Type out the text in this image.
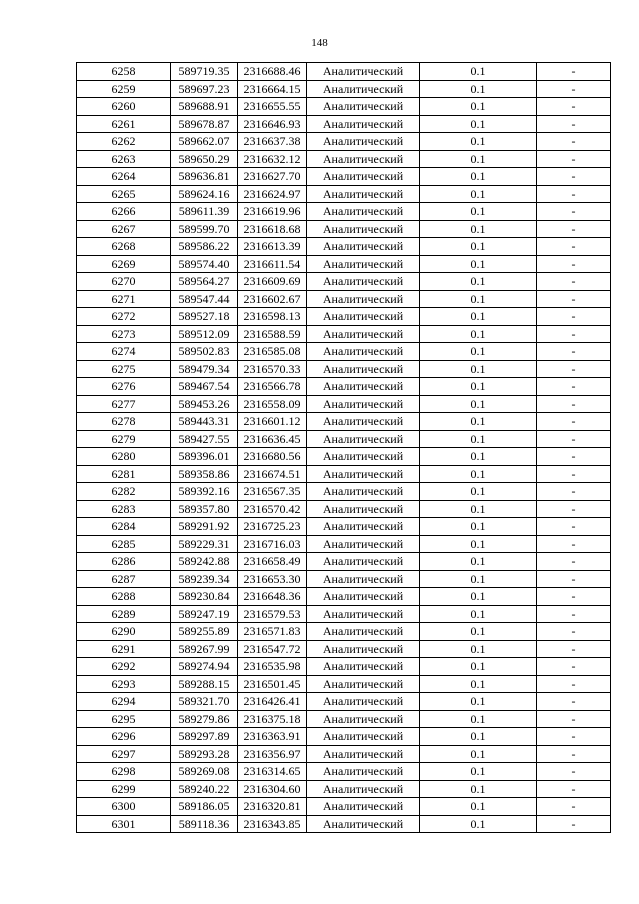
148
6258	589719.35	2316688.46	Аналитический	0.1	-
6259	589697.23	2316664.15	Аналитический	0.1	-
6260	589688.91	2316655.55	Аналитический	0.1	-
6261	589678.87	2316646.93	Аналитический	0.1	-
6262	589662.07	2316637.38	Аналитический	0.1	-
6263	589650.29	2316632.12	Аналитический	0.1	-
6264	589636.81	2316627.70	Аналитический	0.1	-
6265	589624.16	2316624.97	Аналитический	0.1	-
6266	589611.39	2316619.96	Аналитический	0.1	-
6267	589599.70	2316618.68	Аналитический	0.1	-
6268	589586.22	2316613.39	Аналитический	0.1	-
6269	589574.40	2316611.54	Аналитический	0.1	-
6270	589564.27	2316609.69	Аналитический	0.1	-
6271	589547.44	2316602.67	Аналитический	0.1	-
6272	589527.18	2316598.13	Аналитический	0.1	-
6273	589512.09	2316588.59	Аналитический	0.1	-
6274	589502.83	2316585.08	Аналитический	0.1	-
6275	589479.34	2316570.33	Аналитический	0.1	-
6276	589467.54	2316566.78	Аналитический	0.1	-
6277	589453.26	2316558.09	Аналитический	0.1	-
6278	589443.31	2316601.12	Аналитический	0.1	-
6279	589427.55	2316636.45	Аналитический	0.1	-
6280	589396.01	2316680.56	Аналитический	0.1	-
6281	589358.86	2316674.51	Аналитический	0.1	-
6282	589392.16	2316567.35	Аналитический	0.1	-
6283	589357.80	2316570.42	Аналитический	0.1	-
6284	589291.92	2316725.23	Аналитический	0.1	-
6285	589229.31	2316716.03	Аналитический	0.1	-
6286	589242.88	2316658.49	Аналитический	0.1	-
6287	589239.34	2316653.30	Аналитический	0.1	-
6288	589230.84	2316648.36	Аналитический	0.1	-
6289	589247.19	2316579.53	Аналитический	0.1	-
6290	589255.89	2316571.83	Аналитический	0.1	-
6291	589267.99	2316547.72	Аналитический	0.1	-
6292	589274.94	2316535.98	Аналитический	0.1	-
6293	589288.15	2316501.45	Аналитический	0.1	-
6294	589321.70	2316426.41	Аналитический	0.1	-
6295	589279.86	2316375.18	Аналитический	0.1	-
6296	589297.89	2316363.91	Аналитический	0.1	-
6297	589293.28	2316356.97	Аналитический	0.1	-
6298	589269.08	2316314.65	Аналитический	0.1	-
6299	589240.22	2316304.60	Аналитический	0.1	-
6300	589186.05	2316320.81	Аналитический	0.1	-
6301	589118.36	2316343.85	Аналитический	0.1	-
